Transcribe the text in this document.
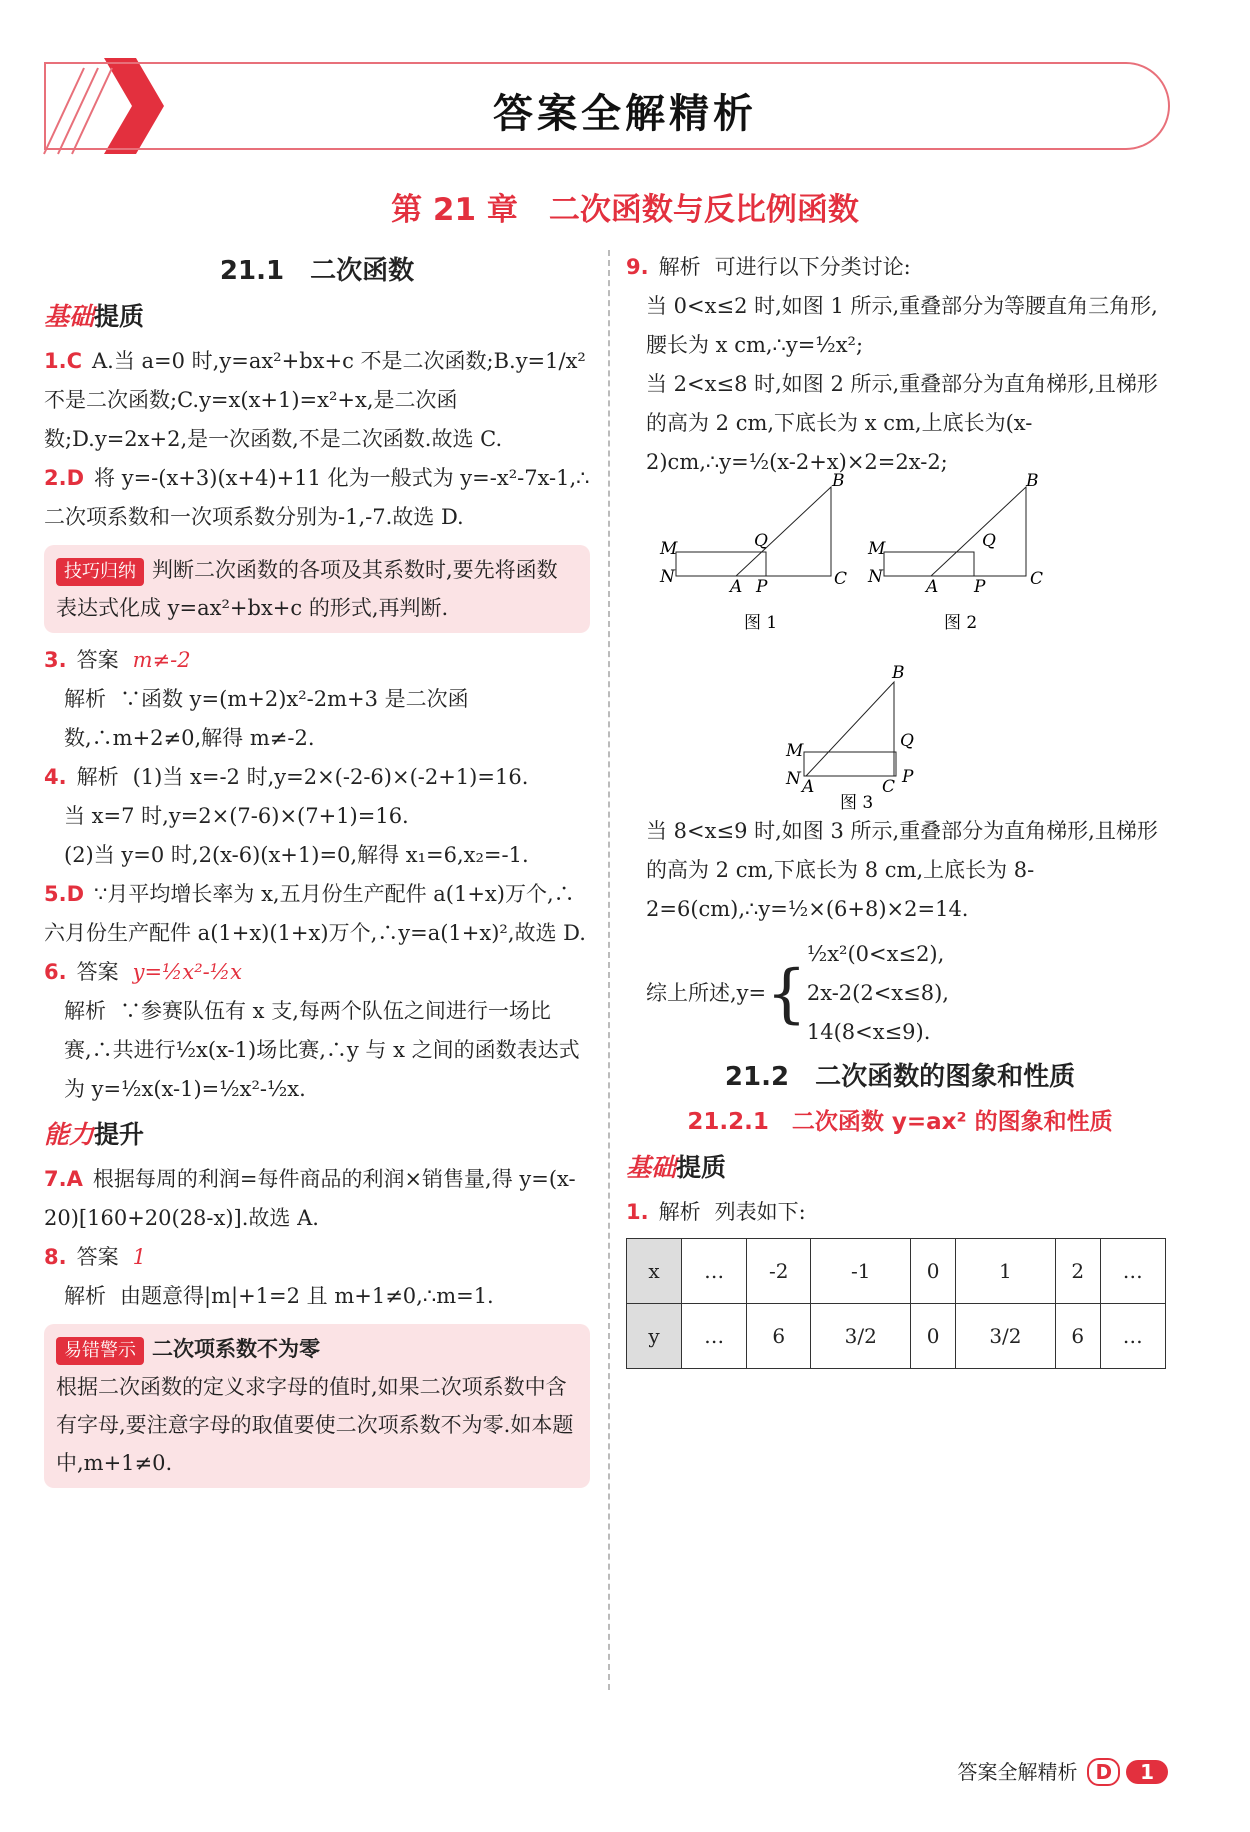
答案全解精析
第 21 章　二次函数与反比例函数
21.1　二次函数
基础提质

1.C A.当 a=0 时,y=ax²+bx+c 不是二次函数;B.y=1/x² 不是二次函数;C.y=x(x+1)=x²+x,是二次函数;D.y=2x+2,是一次函数,不是二次函数.故选 C.

2.D 将 y=-(x+3)(x+4)+11 化为一般式为 y=-x²-7x-1,∴二次项系数和一次项系数分别为-1,-7.故选 D.

技巧归纳 判断二次函数的各项及其系数时,要先将函数表达式化成 y=ax²+bx+c 的形式,再判断.

3. 答案 m≠-2

解析 ∵函数 y=(m+2)x²-2m+3 是二次函数,∴m+2≠0,解得 m≠-2.

4. 解析 (1)当 x=-2 时,y=2×(-2-6)×(-2+1)=16.

当 x=7 时,y=2×(7-6)×(7+1)=16.

(2)当 y=0 时,2(x-6)(x+1)=0,解得 x₁=6,x₂=-1.

5.D ∵月平均增长率为 x,五月份生产配件 a(1+x)万个,∴六月份生产配件 a(1+x)(1+x)万个,∴y=a(1+x)²,故选 D.

6. 答案 y=½x²-½x

解析 ∵参赛队伍有 x 支,每两个队伍之间进行一场比赛,∴共进行½x(x-1)场比赛,∴y 与 x 之间的函数表达式为 y=½x(x-1)=½x²-½x.

能力提升

7.A 根据每周的利润=每件商品的利润×销售量,得 y=(x-20)[160+20(28-x)].故选 A.

8. 答案 1

解析 由题意得|m|+1=2 且 m+1≠0,∴m=1.

易错警示 二次项系数不为零
根据二次函数的定义求字母的值时,如果二次项系数中含有字母,要注意字母的取值要使二次项系数不为零.如本题中,m+1≠0.

9. 解析 可进行以下分类讨论:

当 0<x≤2 时,如图 1 所示,重叠部分为等腰直角三角形,腰长为 x cm,∴y=½x²;

当 2<x≤8 时,如图 2 所示,重叠部分为直角梯形,且梯形的高为 2 cm,下底长为 x cm,上底长为(x-2)cm,∴y=½(x-2+x)×2=2x-2;

M
N	A P
Q
B
C
M
N	A P
Q
B
C
M
N A	C P
Q
B
图 1	图 2
图 3

当 8<x≤9 时,如图 3 所示,重叠部分为直角梯形,且梯形的高为 2 cm,下底长为 8 cm,上底长为 8-2=6(cm),∴y=½×(6+8)×2=14.

综上所述,y= {
½x²(0<x≤2),
2x-2(2<x≤8),
14(8<x≤9).
21.2　二次函数的图象和性质
21.2.1　二次函数 y=ax² 的图象和性质
基础提质

1. 解析 列表如下:

x	…	-2	-1	0	1	2	…
y	…	6	3/2	0	3/2	6	…
答案全解精析 D 1
